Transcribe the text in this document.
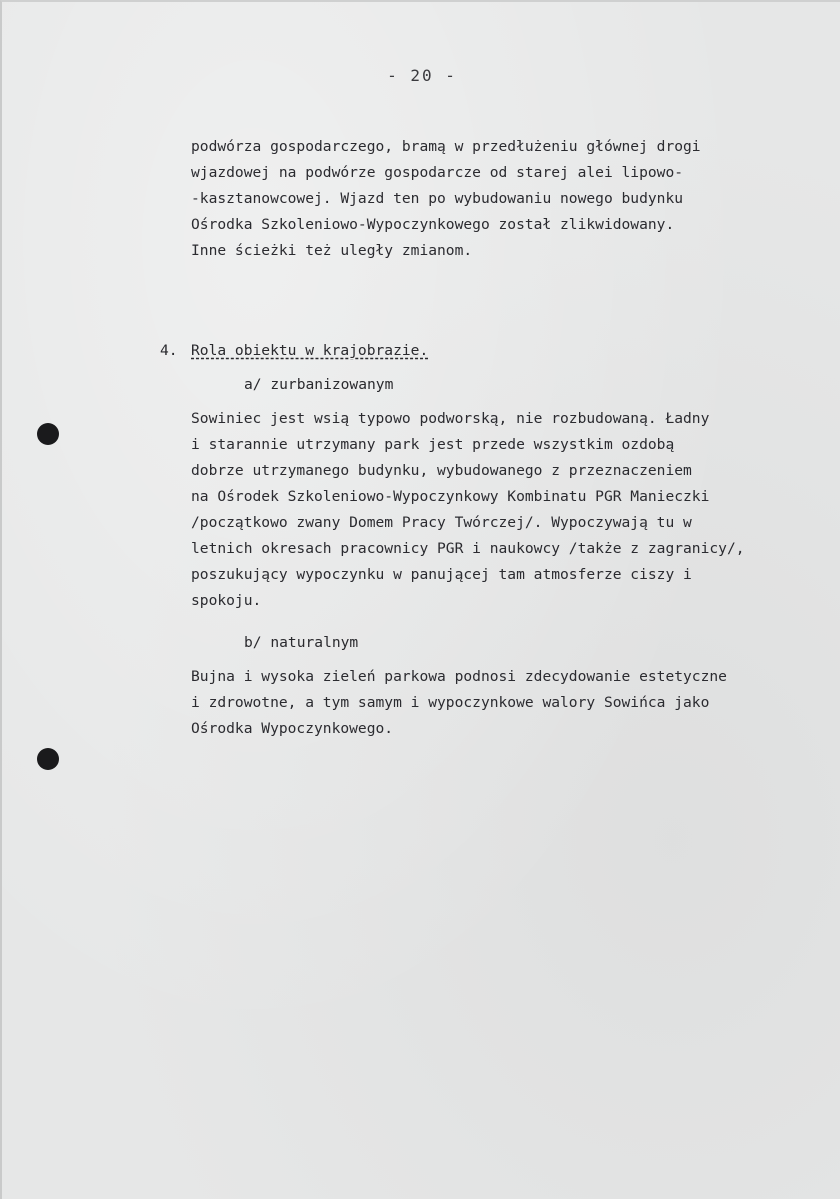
- 20 -
podwórza gospodarczego, bramą w przedłużeniu głównej drogi
wjazdowej na podwórze gospodarcze od starej alei lipowo-
-kasztanowcowej. Wjazd ten po wybudowaniu nowego budynku
Ośrodka Szkoleniowo-Wypoczynkowego został zlikwidowany.
Inne ścieżki też uległy zmianom.
4. Rola obiektu w krajobrazie.
a/ zurbanizowanym
Sowiniec jest wsią typowo podworską, nie rozbudowaną. Ładny
i starannie utrzymany park jest przede wszystkim ozdobą
dobrze utrzymanego budynku, wybudowanego z przeznaczeniem
na Ośrodek Szkoleniowo-Wypoczynkowy Kombinatu PGR Manieczki
/początkowo zwany Domem Pracy Twórczej/. Wypoczywają tu w
letnich okresach pracownicy PGR i naukowcy /także z zagranicy/,
poszukujący wypoczynku w panującej tam atmosferze ciszy i
spokoju.
b/ naturalnym
Bujna i wysoka zieleń parkowa podnosi zdecydowanie estetyczne
i zdrowotne, a tym samym i wypoczynkowe walory Sowińca jako
Ośrodka Wypoczynkowego.
